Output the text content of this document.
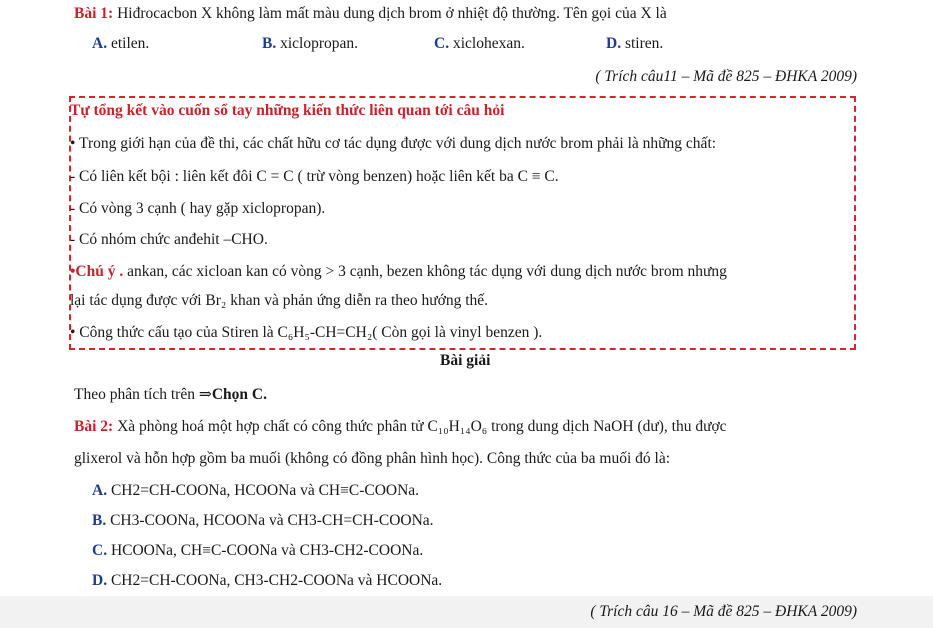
Bài 1: Hiđrocacbon X không làm mất màu dung dịch brom ở nhiệt độ thường. Tên gọi của X là
A. etilen.	B. xiclopropan.	C. xiclohexan.	D. stiren.
( Trích câu11 – Mã đề 825 – ĐHKA 2009)
Tự tổng kết vào cuốn sổ tay những kiến thức liên quan tới câu hỏi
• Trong giới hạn của đề thi, các chất hữu cơ tác dụng được với dung dịch nước brom phải là những chất:
- Có liên kết bội : liên kết đôi C = C ( trừ vòng benzen) hoặc liên kết ba C ≡ C.
- Có vòng 3 cạnh ( hay gặp xiclopropan).
- Có nhóm chức anđehit –CHO.
•Chú ý . ankan, các xicloan kan có vòng > 3 cạnh, bezen không tác dụng với dung dịch nước brom nhưng
lại tác dụng được với Br₂ khan và phản ứng diễn ra theo hướng thế.
• Công thức cấu tạo của Stiren là C₆H₅-CH=CH₂( Còn gọi là vinyl benzen ).
Bài giải
Theo phân tích trên ⇒Chọn C.
Bài 2: Xà phòng hoá một hợp chất có công thức phân tử C₁₀H₁₄O₆ trong dung dịch NaOH (dư), thu được
glixerol và hỗn hợp gồm ba muối (không có đồng phân hình học). Công thức của ba muối đó là:
A. CH2=CH-COONa, HCOONa và CH≡C-COONa.
B. CH3-COONa, HCOONa và CH3-CH=CH-COONa.
C. HCOONa, CH≡C-COONa và CH3-CH2-COONa.
D. CH2=CH-COONa, CH3-CH2-COONa và HCOONa.
( Trích câu 16 – Mã đề 825 – ĐHKA 2009)
